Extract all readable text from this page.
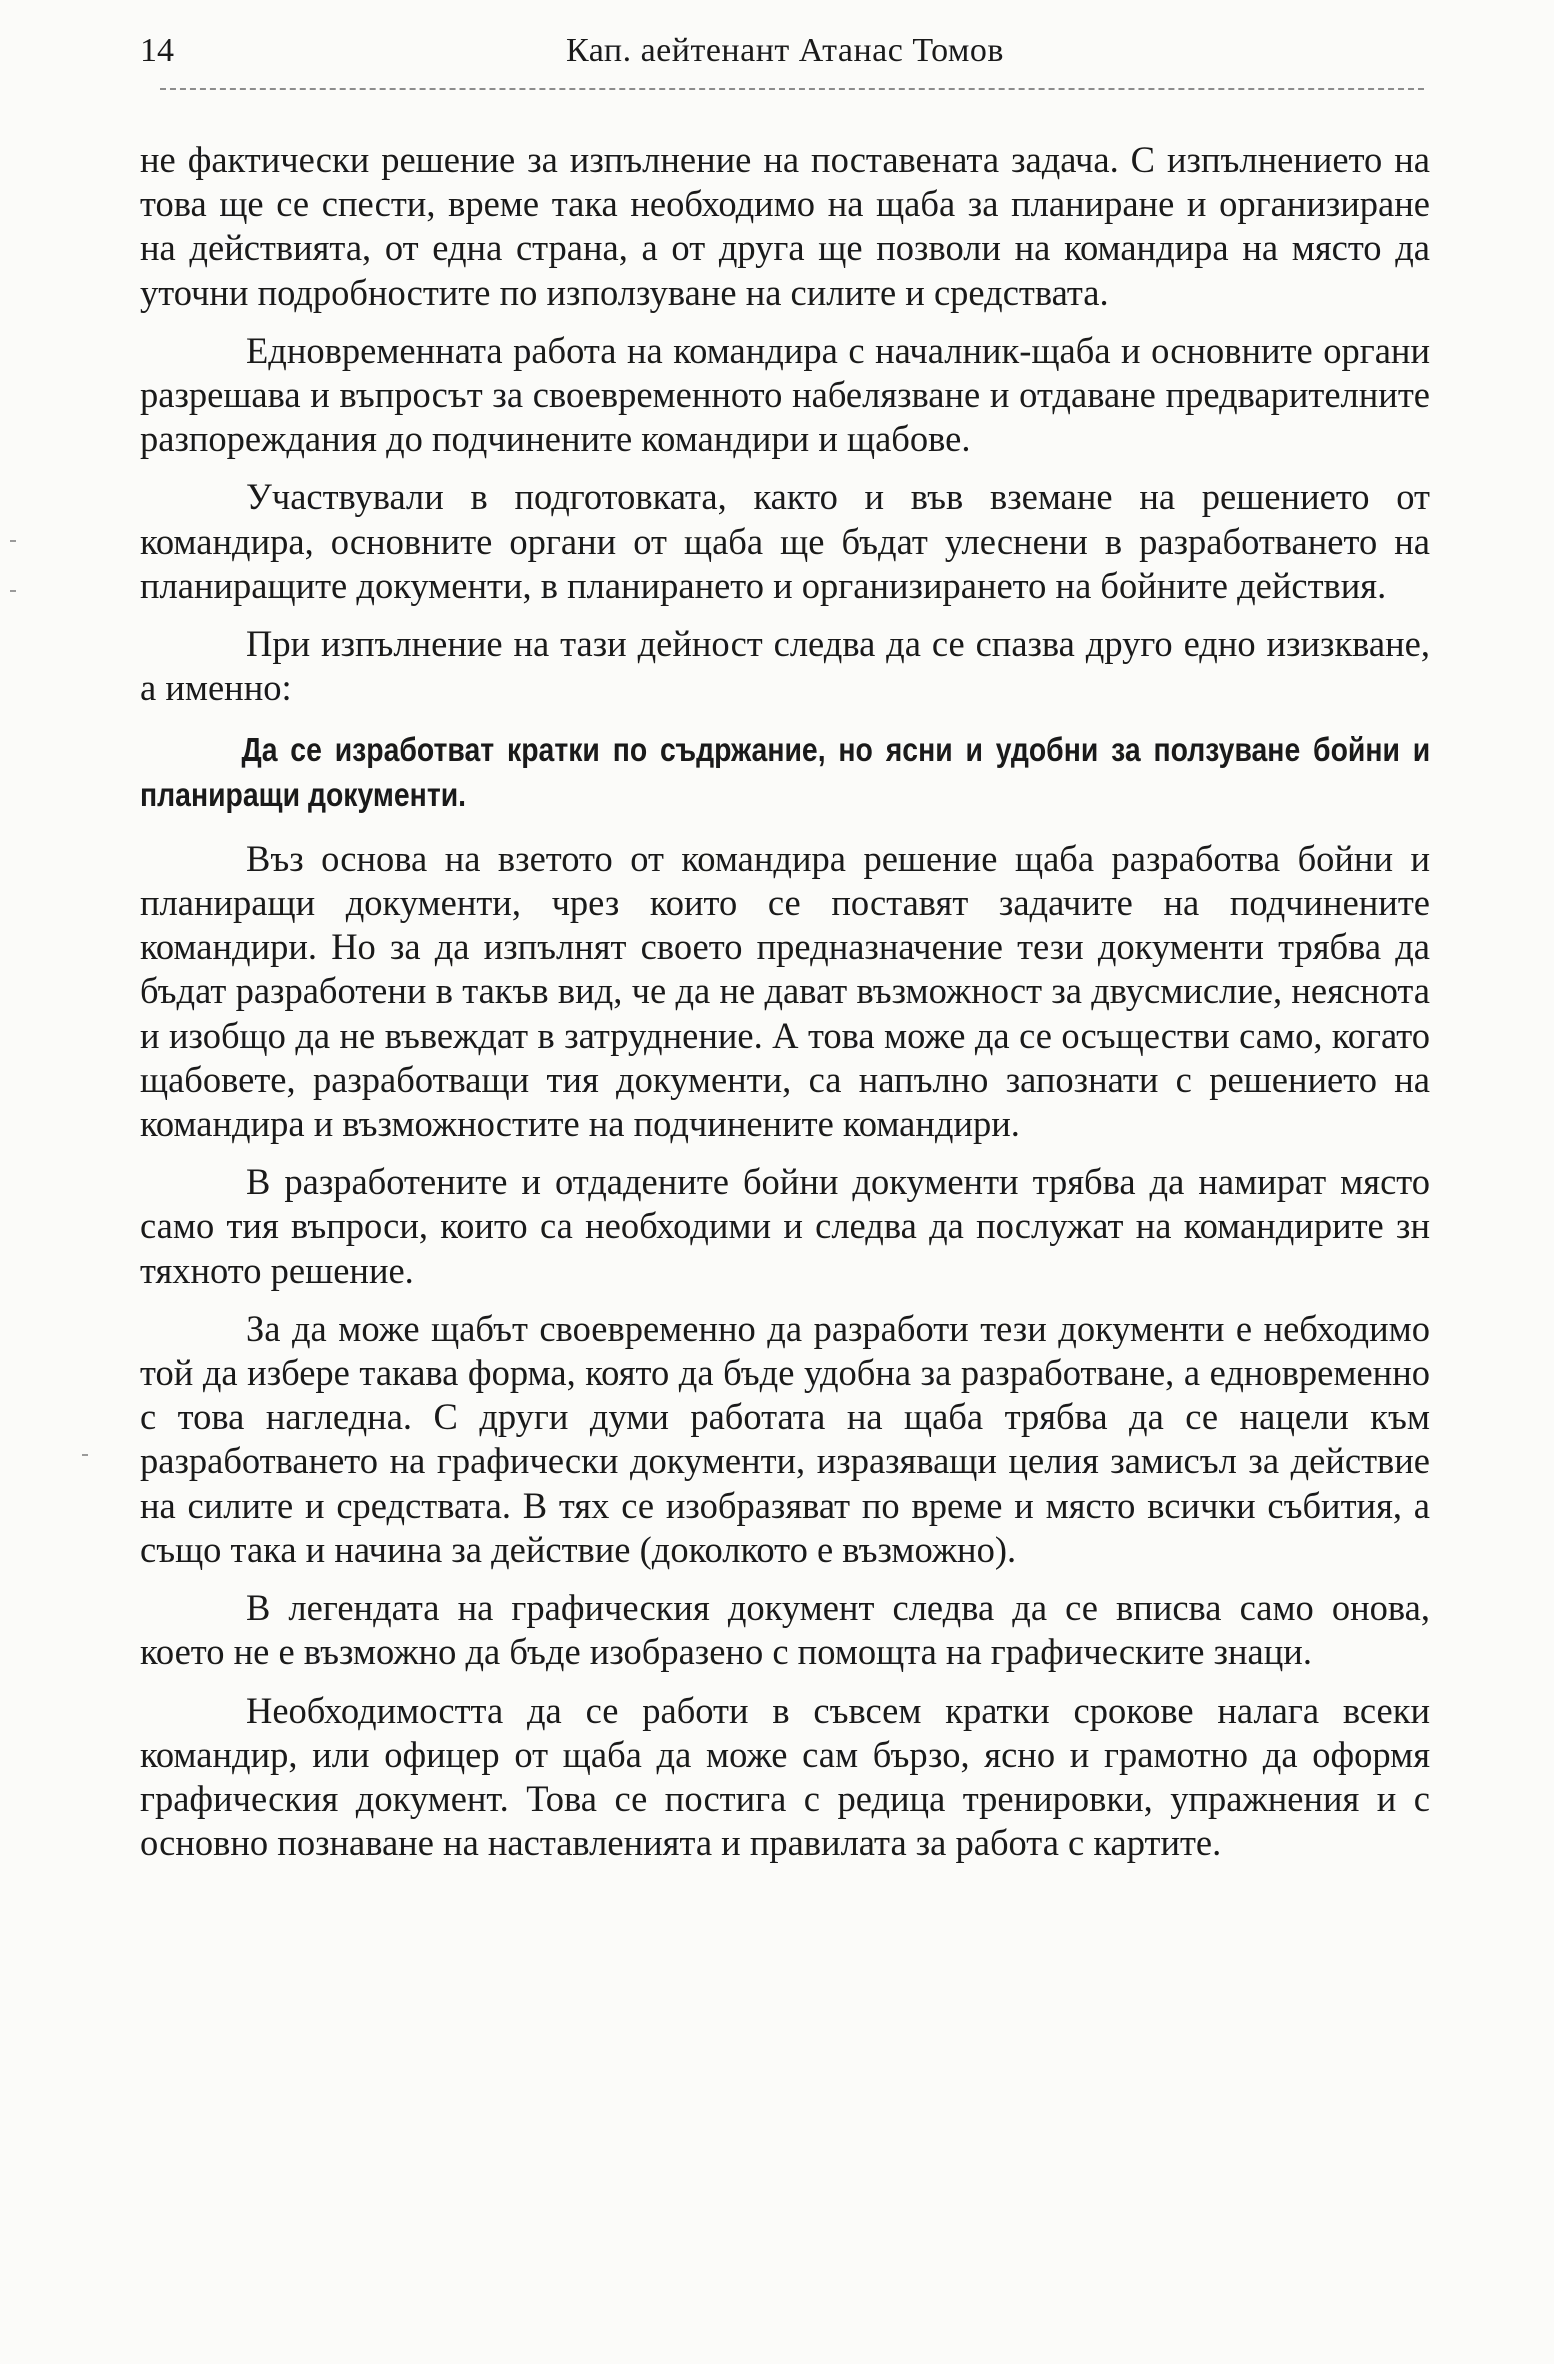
14	Кап. аейтенант Атанас Томов

не фактически решение за изпълнение на поставената задача. С изпълнението на това ще се спести, време така необходимо на щаба за планиране и организиране на действията, от една страна, а от друга ще позволи на командира на място да уточни подробностите по използуване на силите и средствата.

Едновременната работа на командира с началник-щаба и основните органи разрешава и въпросът за своевременното набелязване и отдаване предварителните разпореждания до подчинените командири и щабове.

Участвували в подготовката, както и във вземане на решението от командира, основните органи от щаба ще бъдат улеснени в разработването на планиращите документи, в планирането и организирането на бойните действия.

При изпълнение на тази дейност следва да се спазва друго едно изизкване, а именно:

Да се изработват кратки по съдржание, но ясни и удобни за ползуване бойни и планиращи документи.

Въз основа на взетото от командира решение щаба разработва бойни и планиращи документи, чрез които се поставят задачите на подчинените командири. Но за да изпълнят своето предназначение тези документи трябва да бъдат разработени в такъв вид, че да не дават възможност за двусмислие, неяснота и изобщо да не въвеждат в затруднение. А това може да се осъществи само, когато щабовете, разработващи тия документи, са напълно запознати с решението на командира и възможностите на подчинените командири.

В разработените и отдадените бойни документи трябва да намират място само тия въпроси, които са необходими и следва да послужат на командирите зн тяхното решение.

За да може щабът своевременно да разработи тези документи е небходимо той да избере такава форма, която да бъде удобна за разработване, а едновременно с това нагледна. С други думи работата на щаба трябва да се нацели към разработването на графически документи, изразяващи целия замисъл за действие на силите и средствата. В тях се изобразяват по време и място всички събития, а също така и начина за действие (доколкото е възможно).

В легендата на графическия документ следва да се вписва само онова, което не е възможно да бъде изобразено с помощта на графическите знаци.

Необходимостта да се работи в съвсем кратки срокове налага всеки командир, или офицер от щаба да може сам бързо, ясно и грамотно да оформя графическия документ. Това се постига с редица тренировки, упражнения и с основно познаване на наставленията и правилата за работа с картите.
